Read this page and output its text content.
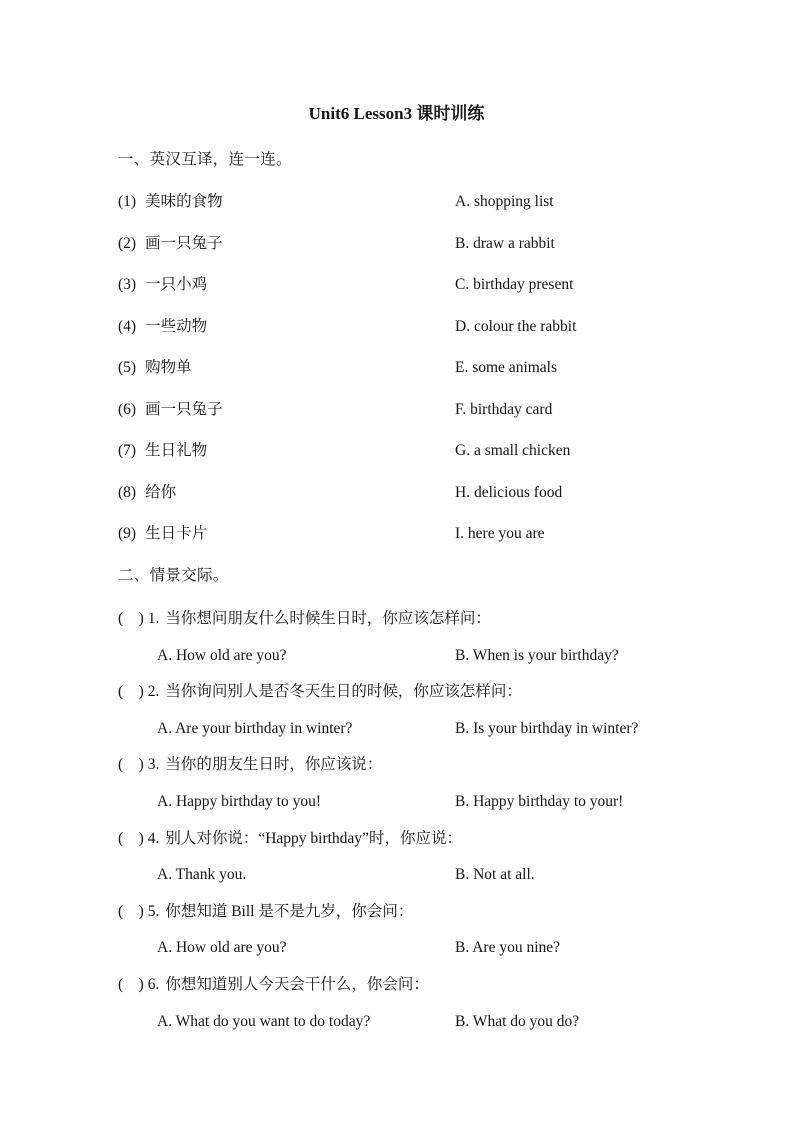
Unit6 Lesson3 课时训练
一、英汉互译，连一连。
(1) 美味的食物	A. shopping list
(2) 画一只兔子	B. draw a rabbit
(3) 一只小鸡	C. birthday present
(4) 一些动物	D. colour the rabbit
(5) 购物单	E. some animals
(6) 画一只兔子	F. birthday card
(7) 生日礼物	G. a small chicken
(8) 给你	H. delicious food
(9) 生日卡片	I. here you are
二、情景交际。
(　) 1. 当你想问朋友什么时候生日时，你应该怎样问：
A. How old are you?	B. When is your birthday?
(　) 2. 当你询问别人是否冬天生日的时候，你应该怎样问：
A. Are your birthday in winter?	B. Is your birthday in winter?
(　) 3. 当你的朋友生日时，你应该说：
A. Happy birthday to you!	B. Happy birthday to your!
(　) 4. 别人对你说：“Happy birthday”时，你应说：
A. Thank you.	B. Not at all.
(　) 5. 你想知道 Bill 是不是九岁，你会问：
A. How old are you?	B. Are you nine?
(　) 6. 你想知道别人今天会干什么，你会问：
A. What do you want to do today?	B. What do you do?
